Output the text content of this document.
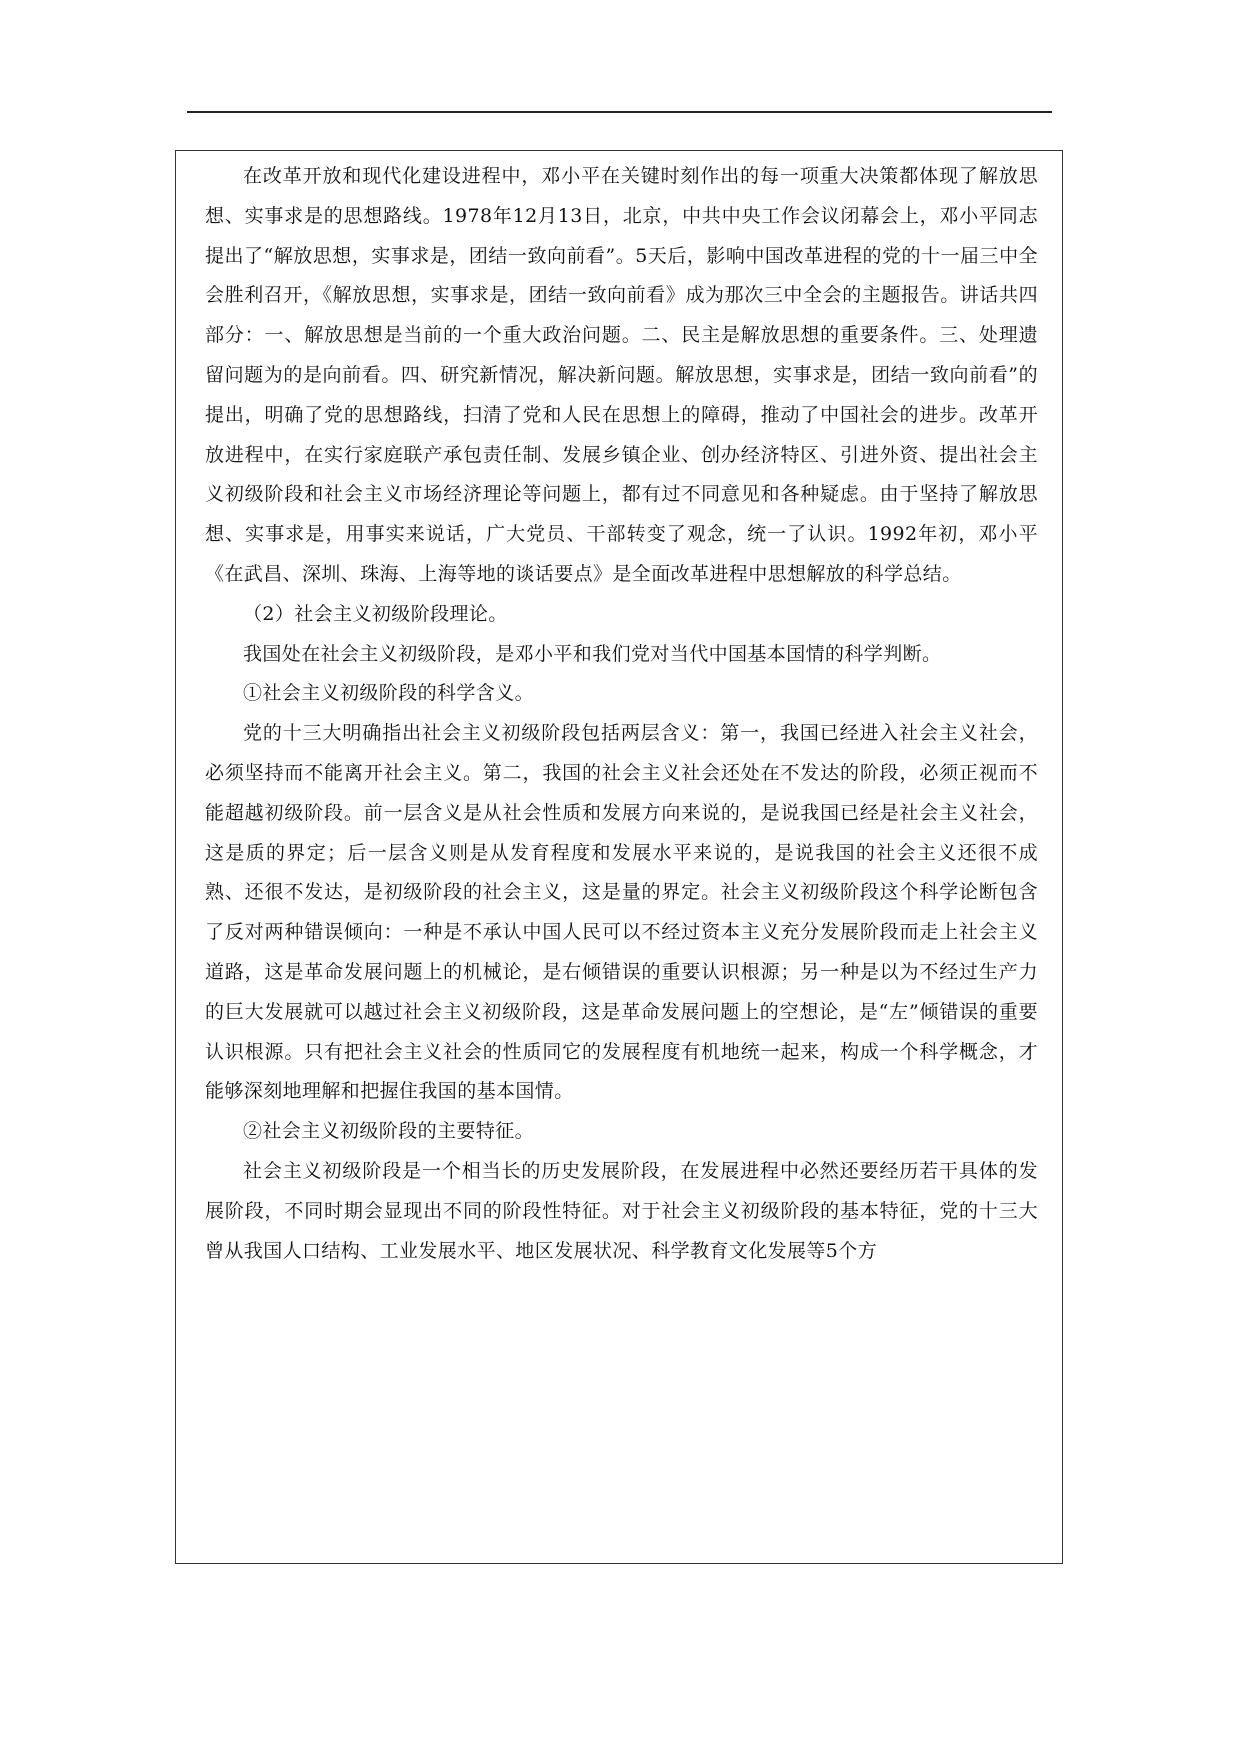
在改革开放和现代化建设进程中，邓小平在关键时刻作出的每一项重大决策都体现了解放思想、实事求是的思想路线。1978年12月13日，北京，中共中央工作会议闭幕会上，邓小平同志提出了“解放思想，实事求是，团结一致向前看”。5天后，影响中国改革进程的党的十一届三中全会胜利召开，《解放思想，实事求是，团结一致向前看》成为那次三中全会的主题报告。讲话共四部分：一、解放思想是当前的一个重大政治问题。二、民主是解放思想的重要条件。三、处理遗留问题为的是向前看。四、研究新情况，解决新问题。解放思想，实事求是，团结一致向前看”的提出，明确了党的思想路线，扫清了党和人民在思想上的障碍，推动了中国社会的进步。改革开放进程中，在实行家庭联产承包责任制、发展乡镇企业、创办经济特区、引进外资、提出社会主义初级阶段和社会主义市场经济理论等问题上，都有过不同意见和各种疑虑。由于坚持了解放思想、实事求是，用事实来说话，广大党员、干部转变了观念，统一了认识。1992年初，邓小平《在武昌、深圳、珠海、上海等地的谈话要点》是全面改革进程中思想解放的科学总结。

（2）社会主义初级阶段理论。

我国处在社会主义初级阶段，是邓小平和我们党对当代中国基本国情的科学判断。

①社会主义初级阶段的科学含义。

党的十三大明确指出社会主义初级阶段包括两层含义：第一，我国已经进入社会主义社会，必须坚持而不能离开社会主义。第二，我国的社会主义社会还处在不发达的阶段，必须正视而不能超越初级阶段。前一层含义是从社会性质和发展方向来说的，是说我国已经是社会主义社会，这是质的界定；后一层含义则是从发育程度和发展水平来说的，是说我国的社会主义还很不成熟、还很不发达，是初级阶段的社会主义，这是量的界定。社会主义初级阶段这个科学论断包含了反对两种错误倾向：一种是不承认中国人民可以不经过资本主义充分发展阶段而走上社会主义道路，这是革命发展问题上的机械论，是右倾错误的重要认识根源；另一种是以为不经过生产力的巨大发展就可以越过社会主义初级阶段，这是革命发展问题上的空想论，是“左”倾错误的重要认识根源。只有把社会主义社会的性质同它的发展程度有机地统一起来，构成一个科学概念，才能够深刻地理解和把握住我国的基本国情。

②社会主义初级阶段的主要特征。

社会主义初级阶段是一个相当长的历史发展阶段，在发展进程中必然还要经历若干具体的发展阶段，不同时期会显现出不同的阶段性特征。对于社会主义初级阶段的基本特征，党的十三大曾从我国人口结构、工业发展水平、地区发展状况、科学教育文化发展等5个方
